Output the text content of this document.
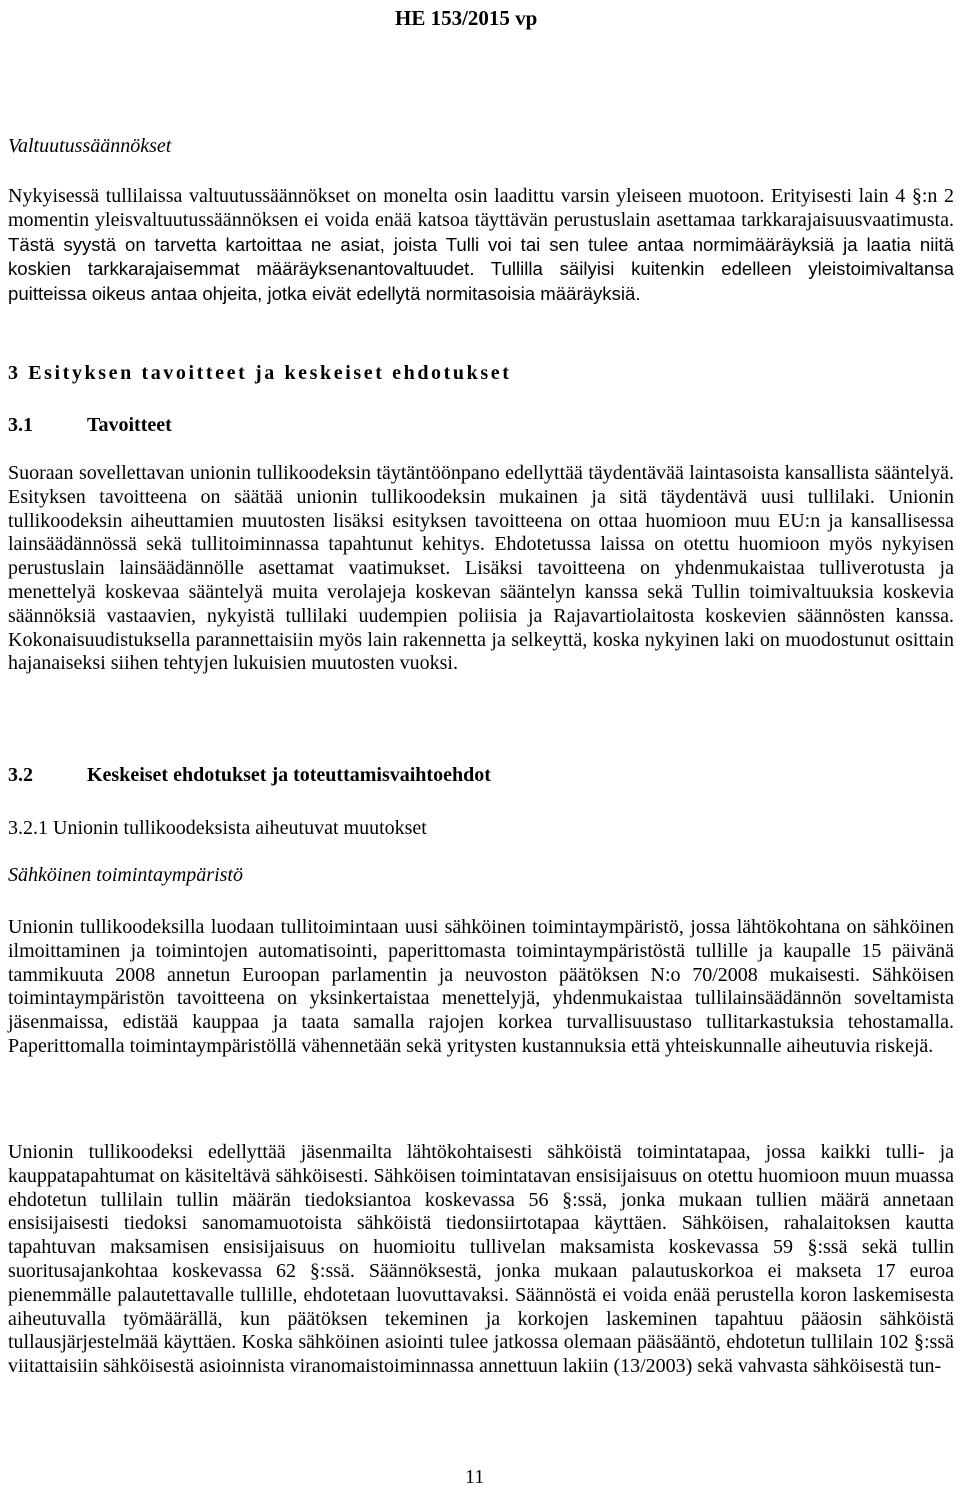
HE 153/2015 vp

Valtuutussäännökset

Nykyisessä tullilaissa valtuutussäännökset on monelta osin laadittu varsin yleiseen muotoon. Erityisesti lain 4 §:n 2 momentin yleisvaltuutussäännöksen ei voida enää katsoa täyttävän perustuslain asettamaa tarkkarajaisuusvaatimusta. Tästä syystä on tarvetta kartoittaa ne asiat, joista Tulli voi tai sen tulee antaa normimääräyksiä ja laatia niitä koskien tarkkarajaisemmat määräyksenantovaltuudet. Tullilla säilyisi kuitenkin edelleen yleistoimivaltansa puitteissa oikeus antaa ohjeita, jotka eivät edellytä normitasoisia määräyksiä.

3 Esityksen tavoitteet ja keskeiset ehdotukset

3.1	Tavoitteet

Suoraan sovellettavan unionin tullikoodeksin täytäntöönpano edellyttää täydentävää laintasoista kansallista sääntelyä. Esityksen tavoitteena on säätää unionin tullikoodeksin mukainen ja sitä täydentävä uusi tullilaki. Unionin tullikoodeksin aiheuttamien muutosten lisäksi esityksen tavoitteena on ottaa huomioon muu EU:n ja kansallisessa lainsäädännössä sekä tullitoiminnassa tapahtunut kehitys. Ehdotetussa laissa on otettu huomioon myös nykyisen perustuslain lainsäädännölle asettamat vaatimukset. Lisäksi tavoitteena on yhdenmukaistaa tulliverotusta ja menettelyä koskevaa sääntelyä muita verolajeja koskevan sääntelyn kanssa sekä Tullin toimivaltuuksia koskevia säännöksiä vastaavien, nykyistä tullilaki uudempien poliisia ja Rajavartiolaitosta koskevien säännösten kanssa. Kokonaisuudistuksella parannettaisiin myös lain rakennetta ja selkeyttä, koska nykyinen laki on muodostunut osittain hajanaiseksi siihen tehtyjen lukuisien muutosten vuoksi.

3.2	Keskeiset ehdotukset ja toteuttamisvaihtoehdot

3.2.1 Unionin tullikoodeksista aiheutuvat muutokset

Sähköinen toimintaympäristö

Unionin tullikoodeksilla luodaan tullitoimintaan uusi sähköinen toimintaympäristö, jossa lähtökohtana on sähköinen ilmoittaminen ja toimintojen automatisointi, paperittomasta toimintaympäristöstä tullille ja kaupalle 15 päivänä tammikuuta 2008 annetun Euroopan parlamentin ja neuvoston päätöksen N:o 70/2008 mukaisesti. Sähköisen toimintaympäristön tavoitteena on yksinkertaistaa menettelyjä, yhdenmukaistaa tullilainsäädännön soveltamista jäsenmaissa, edistää kauppaa ja taata samalla rajojen korkea turvallisuustaso tullitarkastuksia tehostamalla. Paperittomalla toimintaympäristöllä vähennetään sekä yritysten kustannuksia että yhteiskunnalle aiheutuvia riskejä.

Unionin tullikoodeksi edellyttää jäsenmailta lähtökohtaisesti sähköistä toimintatapaa, jossa kaikki tulli- ja kauppatapahtumat on käsiteltävä sähköisesti. Sähköisen toimintatavan ensisijaisuus on otettu huomioon muun muassa ehdotetun tullilain tullin määrän tiedoksiantoa koskevassa 56 §:ssä, jonka mukaan tullien määrä annetaan ensisijaisesti tiedoksi sanomamuotoista sähköistä tiedonsiirtotapaa käyttäen. Sähköisen, rahalaitoksen kautta tapahtuvan maksamisen ensisijaisuus on huomioitu tullivelan maksamista koskevassa 59 §:ssä sekä tullin suoritusajankohtaa koskevassa 62 §:ssä. Säännöksestä, jonka mukaan palautuskorkoa ei makseta 17 euroa pienemmälle palautettavalle tullille, ehdotetaan luovuttavaksi. Säännöstä ei voida enää perustella koron laskemisesta aiheutuvalla työmäärällä, kun päätöksen tekeminen ja korkojen laskeminen tapahtuu pääosin sähköistä tullausjärjestelmää käyttäen. Koska sähköinen asiointi tulee jatkossa olemaan pääsääntö, ehdotetun tullilain 102 §:ssä viitattaisiin sähköisestä asioinnista viranomaistoiminnassa annettuun lakiin (13/2003) sekä vahvasta sähköisestä tun-

11
